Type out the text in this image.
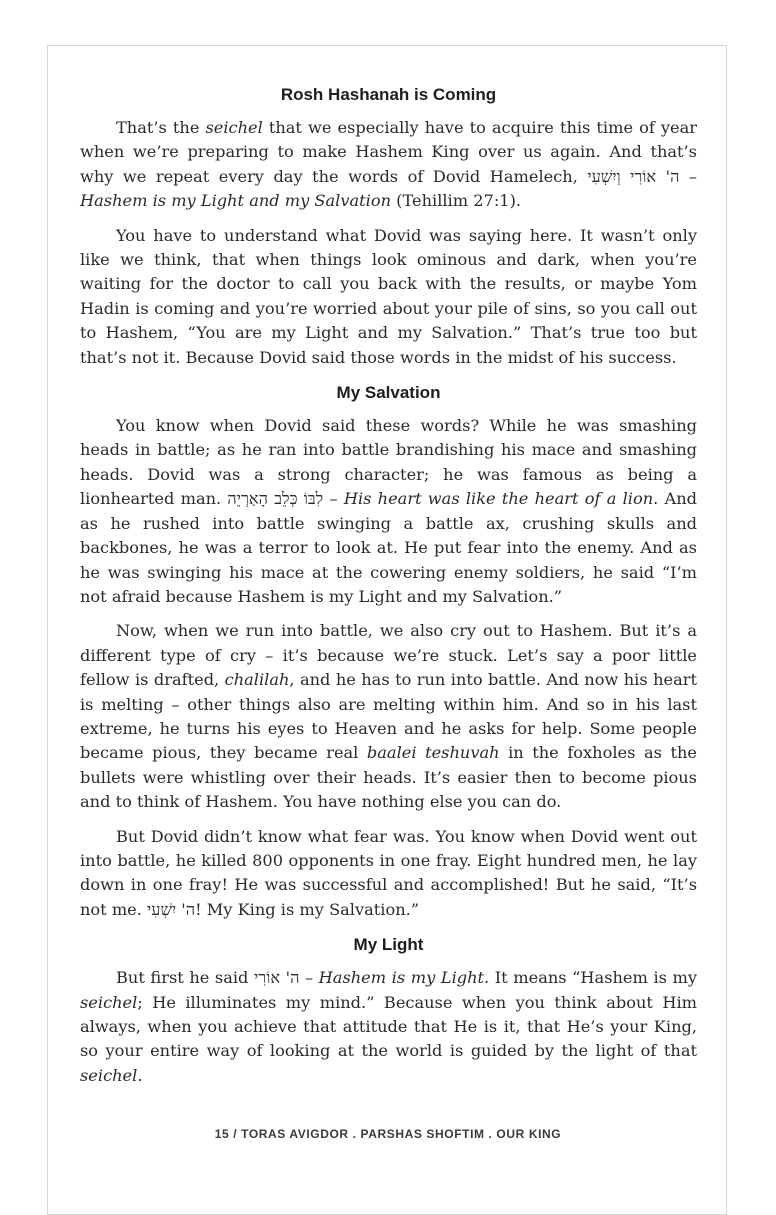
Rosh Hashanah is Coming

That’s the seichel that we especially have to acquire this time of year when we’re preparing to make Hashem King over us again. And that’s why we repeat every day the words of Dovid Hamelech, ה' אוֹרִי וְיִשְׁעִי – Hashem is my Light and my Salvation (Tehillim 27:1).

You have to understand what Dovid was saying here. It wasn’t only like we think, that when things look ominous and dark, when you’re waiting for the doctor to call you back with the results, or maybe Yom Hadin is coming and you’re worried about your pile of sins, so you call out to Hashem, “You are my Light and my Salvation.” That’s true too but that’s not it. Because Dovid said those words in the midst of his success.

My Salvation

You know when Dovid said these words? While he was smashing heads in battle; as he ran into battle brandishing his mace and smashing heads. Dovid was a strong character; he was famous as being a lionhearted man. לִבּוֹ כְּלֵב הָאַרְיֵה – His heart was like the heart of a lion. And as he rushed into battle swinging a battle ax, crushing skulls and backbones, he was a terror to look at. He put fear into the enemy. And as he was swinging his mace at the cowering enemy soldiers, he said “I’m not afraid because Hashem is my Light and my Salvation.”

Now, when we run into battle, we also cry out to Hashem. But it’s a different type of cry – it’s because we’re stuck. Let’s say a poor little fellow is drafted, chalilah, and he has to run into battle. And now his heart is melting – other things also are melting within him. And so in his last extreme, he turns his eyes to Heaven and he asks for help. Some people became pious, they became real baalei teshuvah in the foxholes as the bullets were whistling over their heads. It’s easier then to become pious and to think of Hashem. You have nothing else you can do.

But Dovid didn’t know what fear was. You know when Dovid went out into battle, he killed 800 opponents in one fray. Eight hundred men, he lay down in one fray! He was successful and accomplished! But he said, “It’s not me. ה' יִשְׁעִי! My King is my Salvation.”

My Light

But first he said ה' אוֹרִי – Hashem is my Light. It means “Hashem is my seichel; He illuminates my mind.” Because when you think about Him always, when you achieve that attitude that He is it, that He’s your King, so your entire way of looking at the world is guided by the light of that seichel.

15 / TORAS AVIGDOR . PARSHAS SHOFTIM . OUR KING
